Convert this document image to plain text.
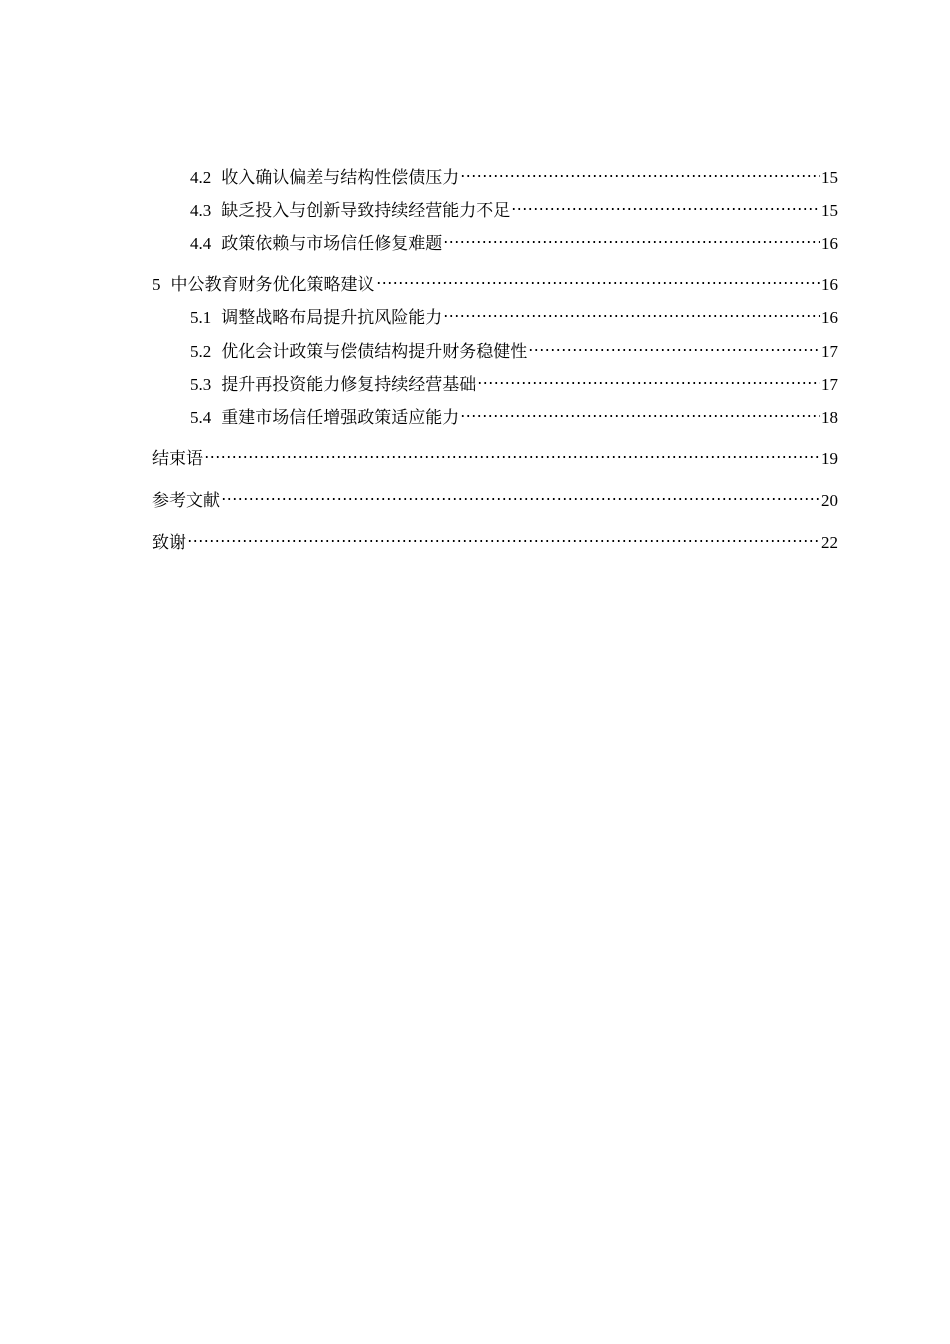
4.2 收入确认偏差与结构性偿债压力	15
4.3 缺乏投入与创新导致持续经营能力不足	15
4.4 政策依赖与市场信任修复难题	16
5 中公教育财务优化策略建议	16
5.1 调整战略布局提升抗风险能力	16
5.2 优化会计政策与偿债结构提升财务稳健性	17
5.3 提升再投资能力修复持续经营基础	17
5.4 重建市场信任增强政策适应能力	18
结束语	19
参考文献	20
致谢	22
